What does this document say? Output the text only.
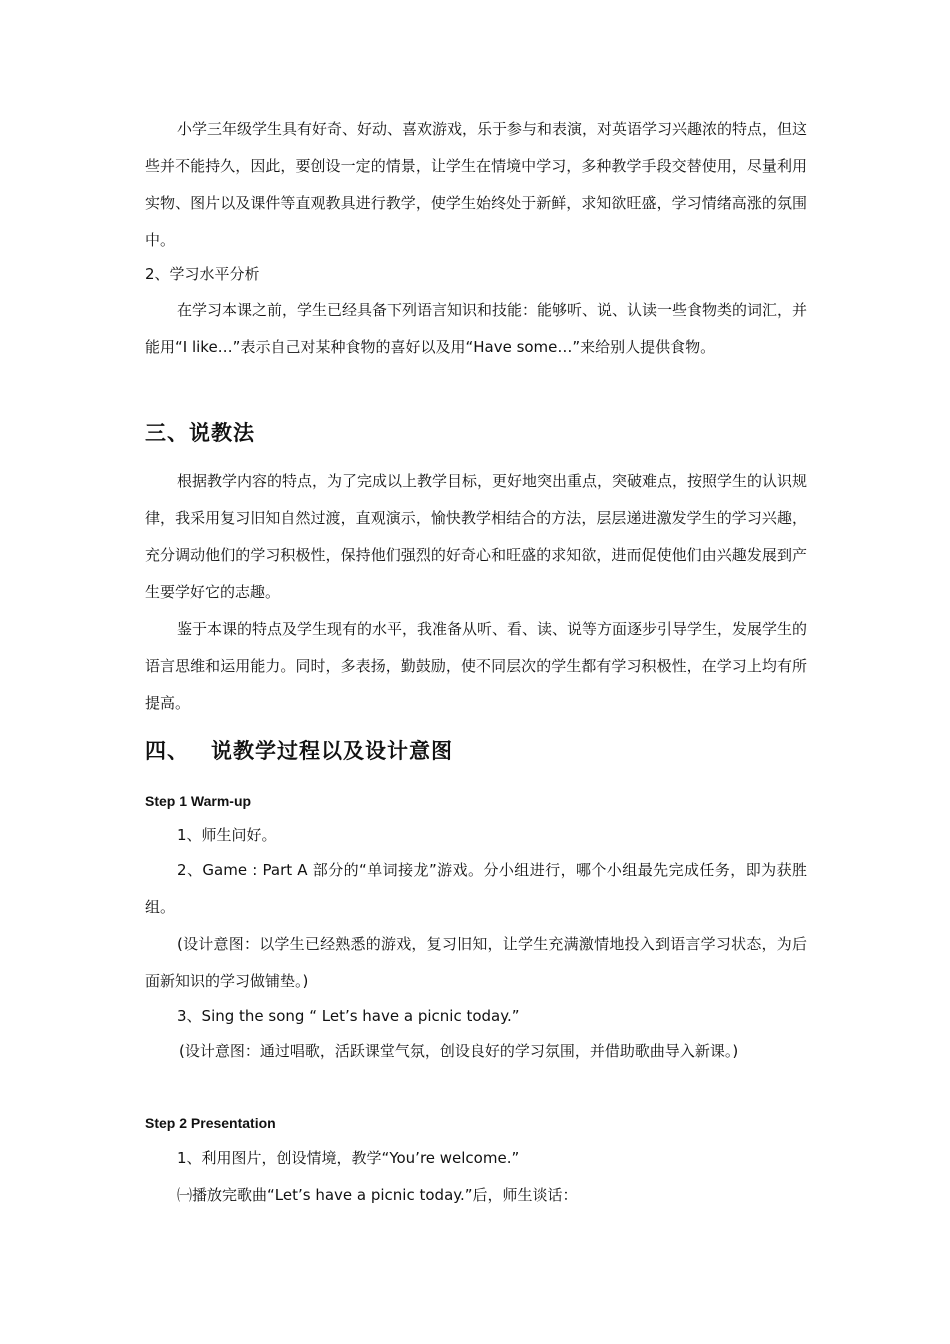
小学三年级学生具有好奇、好动、喜欢游戏，乐于参与和表演，对英语学习兴趣浓的特点，但这些并不能持久，因此，要创设一定的情景，让学生在情境中学习，多种教学手段交替使用，尽量利用实物、图片以及课件等直观教具进行教学，使学生始终处于新鲜，求知欲旺盛，学习情绪高涨的氛围中。

2、学习水平分析

在学习本课之前，学生已经具备下列语言知识和技能：能够听、说、认读一些食物类的词汇，并能用“I like…”表示自己对某种食物的喜好以及用“Have some…”来给别人提供食物。

三、说教法

根据教学内容的特点，为了完成以上教学目标，更好地突出重点，突破难点，按照学生的认识规律，我采用复习旧知自然过渡，直观演示，愉快教学相结合的方法，层层递进激发学生的学习兴趣，充分调动他们的学习积极性，保持他们强烈的好奇心和旺盛的求知欲，进而促使他们由兴趣发展到产生要学好它的志趣。

鉴于本课的特点及学生现有的水平，我准备从听、看、读、说等方面逐步引导学生，发展学生的语言思维和运用能力。同时，多表扬，勤鼓励，使不同层次的学生都有学习积极性，在学习上均有所提高。

四、 说教学过程以及设计意图
Step 1 Warm-up
1、师生问好。

2、Game : Part A 部分的“单词接龙”游戏。分小组进行，哪个小组最先完成任务，即为获胜组。

(设计意图：以学生已经熟悉的游戏，复习旧知，让学生充满激情地投入到语言学习状态，为后面新知识的学习做铺垫。)

3、Sing the song “ Let’s have a picnic today.”

(设计意图：通过唱歌，活跃课堂气氛，创设良好的学习氛围，并借助歌曲导入新课。)

Step 2 Presentation
1、利用图片，创设情境，教学“You’re welcome.”
㈠播放完歌曲“Let’s have a picnic today.”后，师生谈话：
